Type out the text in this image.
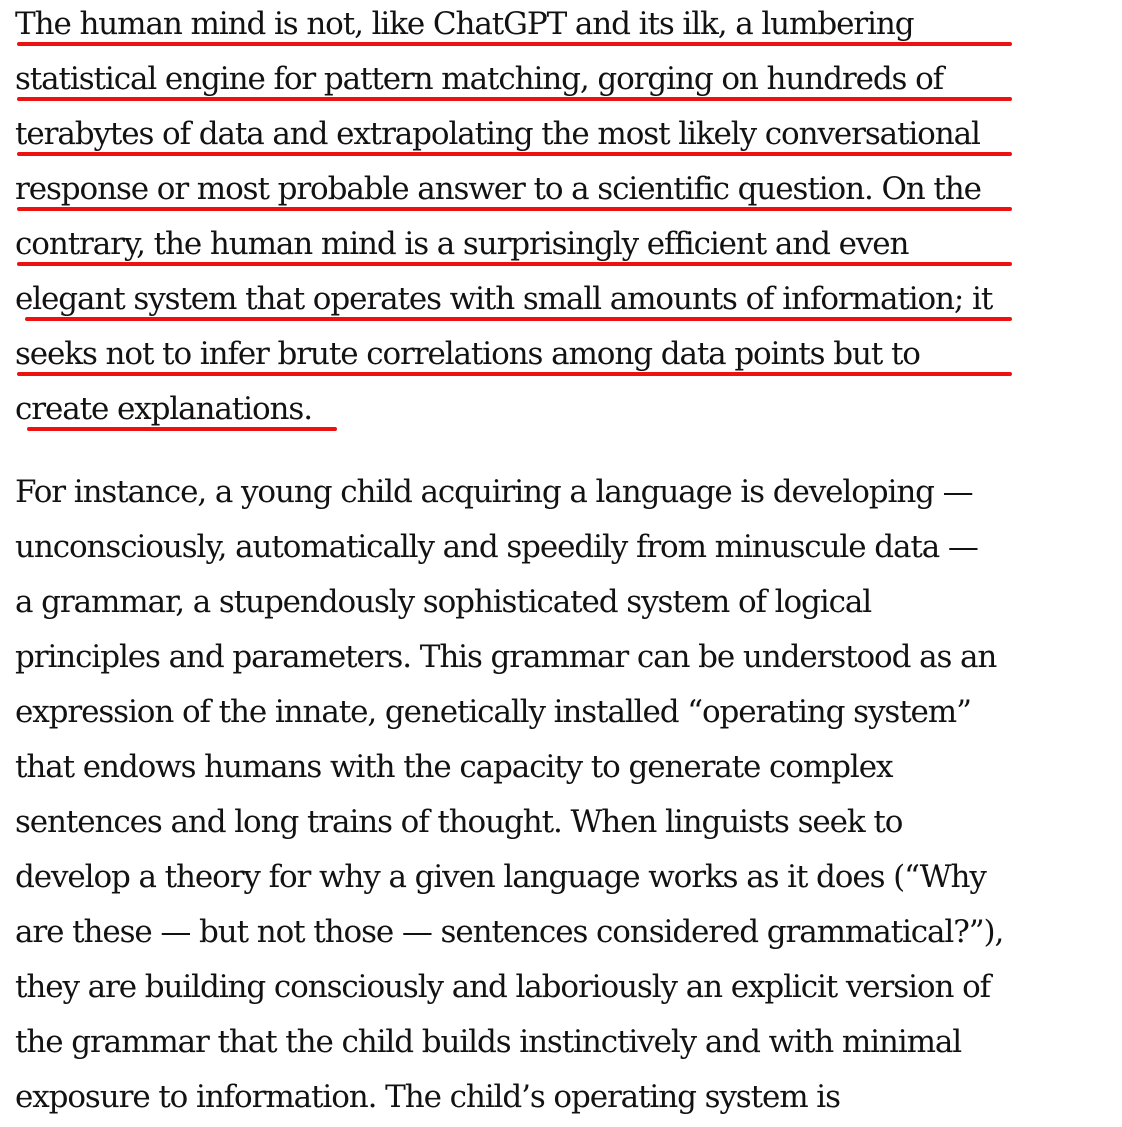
The human mind is not, like ChatGPT and its ilk, a lumbering
statistical engine for pattern matching, gorging on hundreds of
terabytes of data and extrapolating the most likely conversational
response or most probable answer to a scientific question. On the
contrary, the human mind is a surprisingly efficient and even
elegant system that operates with small amounts of information; it
seeks not to infer brute correlations among data points but to
create explanations.
For instance, a young child acquiring a language is developing —
unconsciously, automatically and speedily from minuscule data —
a grammar, a stupendously sophisticated system of logical
principles and parameters. This grammar can be understood as an
expression of the innate, genetically installed “operating system”
that endows humans with the capacity to generate complex
sentences and long trains of thought. When linguists seek to
develop a theory for why a given language works as it does (“Why
are these — but not those — sentences considered grammatical?”),
they are building consciously and laboriously an explicit version of
the grammar that the child builds instinctively and with minimal
exposure to information. The child’s operating system is
